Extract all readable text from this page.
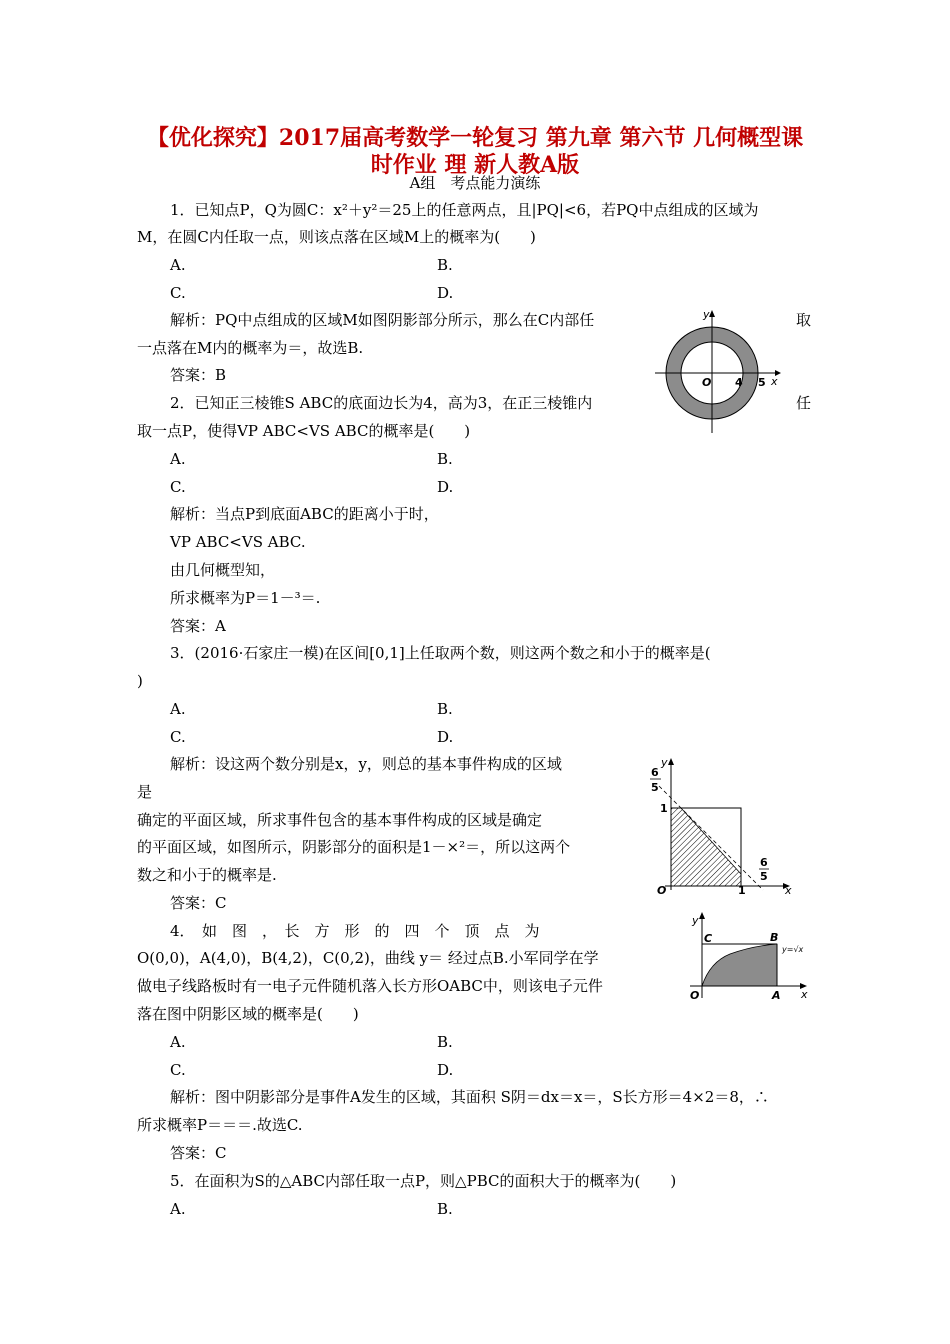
【优化探究】2017届高考数学一轮复习 第九章 第六节 几何概型课
时作业 理 新人教A版
A组　考点能力演练
1．已知点P，Q为圆C：x²＋y²＝25上的任意两点，且|PQ|<6，若PQ中点组成的区域为
M，在圆C内任取一点，则该点落在区域M上的概率为(　　)
A.	B.
C.	D.
解析：PQ中点组成的区域M如图阴影部分所示，那么在C内部任	取
一点落在M内的概率为＝，故选B.
答案：B	O 4 5 x
y
2．已知正三棱锥S ABC的底面边长为4，高为3，在正三棱锥内	任
取一点P，使得VP ABC<VS ABC的概率是(　　)
A.	B.
C.	D.
解析：当点P到底面ABC的距离小于时，
VP ABC<VS ABC.
由几何概型知，
所求概率为P＝1－³＝.
答案：A
3．(2016·石家庄一模)在区间[0,1]上任取两个数，则这两个数之和小于的概率是(
)
A.	B.
C.	D.
解析：设这两个数分别是x，y，则总的基本事件构成的区域
是
确定的平面区域，所求事件包含的基本事件构成的区域是确定
的平面区域，如图所示，阴影部分的面积是1－×²＝，所以这两个
数之和小于的概率是.
答案：C
6
5
1
6
5
1
O	x
y
4．　如　图　，　长　方　形　的　四　个　顶　点　为
O(0,0)，A(4,0)，B(4,2)，C(0,2)，曲线 y＝ 经过点B.小军同学在学
做电子线路板时有一电子元件随机落入长方形OABC中，则该电子元件
落在图中阴影区域的概率是(　　)
A.	B.
C.	D.
解析：图中阴影部分是事件A发生的区域，其面积 S阴＝dx＝x＝，S长方形＝4×2＝8，∴
所求概率P＝＝＝.故选C.
答案：C
y
O
C	B
A
y=√x
x
5．在面积为S的△ABC内部任取一点P，则△PBC的面积大于的概率为(　　)
A.	B.
